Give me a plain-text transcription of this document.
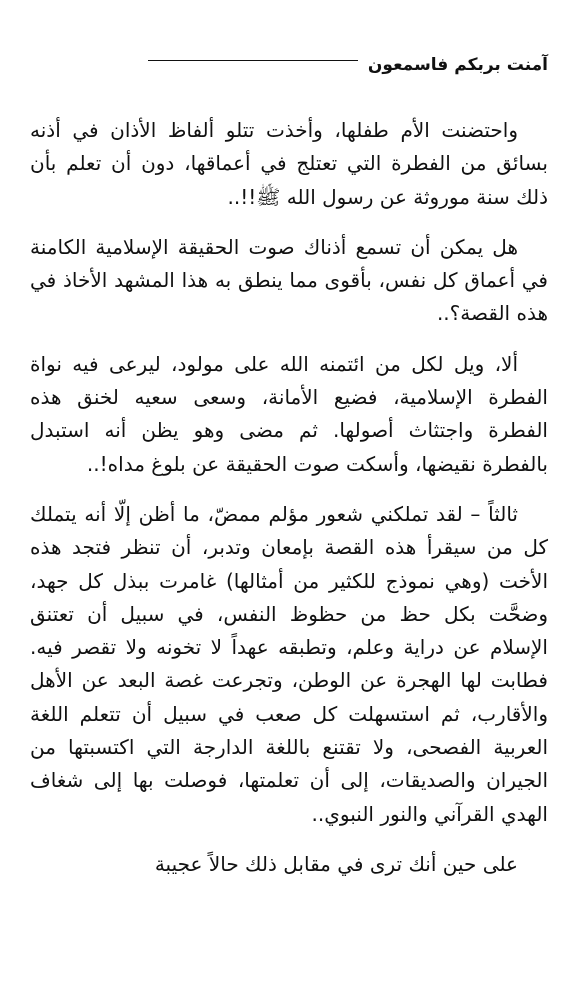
آمنت بربكم فاسمعون

واحتضنت الأم طفلها، وأخذت تتلو ألفاظ الأذان في أذنه بسائق من الفطرة التي تعتلج في أعماقها، دون أن تعلم بأن ذلك سنة موروثة عن رسول الله ﷺ!!..

هل يمكن أن تسمع أذناك صوت الحقيقة الإسلامية الكامنة في أعماق كل نفس، بأقوى مما ينطق به هذا المشهد الأخاذ في هذه القصة؟..

ألا، ويل لكل من ائتمنه الله على مولود، ليرعى فيه نواة الفطرة الإسلامية، فضيع الأمانة، وسعى سعيه لخنق هذه الفطرة واجتثاث أصولها. ثم مضى وهو يظن أنه استبدل بالفطرة نقيضها، وأسكت صوت الحقيقة عن بلوغ مداه!..

ثالثاً – لقد تملكني شعور مؤلم ممضّ، ما أظن إلّا أنه يتملك كل من سيقرأ هذه القصة بإمعان وتدبر، أن تنظر فتجد هذه الأخت (وهي نموذج للكثير من أمثالها) غامرت ببذل كل جهد، وضحَّت بكل حظ من حظوظ النفس، في سبيل أن تعتنق الإسلام عن دراية وعلم، وتطبقه عهداً لا تخونه ولا تقصر فيه. فطابت لها الهجرة عن الوطن، وتجرعت غصة البعد عن الأهل والأقارب، ثم استسهلت كل صعب في سبيل أن تتعلم اللغة العربية الفصحى، ولا تقتنع باللغة الدارجة التي اكتسبتها من الجيران والصديقات، إلى أن تعلمتها، فوصلت بها إلى شغاف الهدي القرآني والنور النبوي..

على حين أنك ترى في مقابل ذلك حالاً عجيبة
